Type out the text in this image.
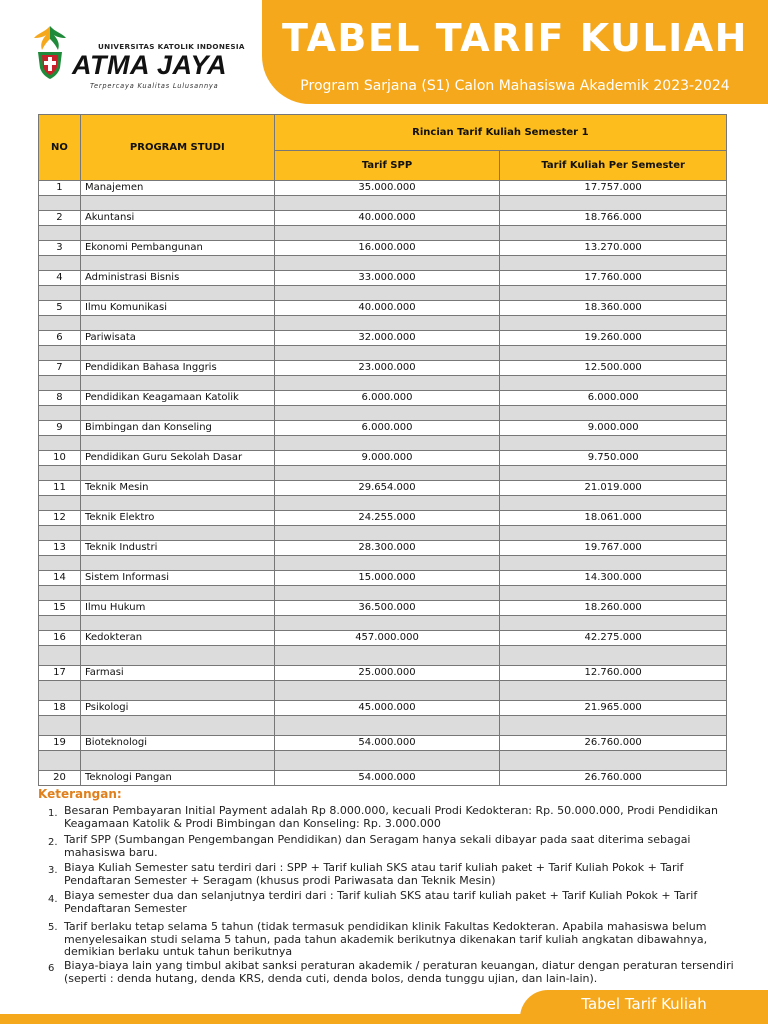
TABEL TARIF KULIAH
Program Sarjana (S1) Calon Mahasiswa Akademik 2023-2024
UNIVERSITAS KATOLIK INDONESIA
ATMA JAYA
Terpercaya Kualitas Lulusannya
NO	PROGRAM STUDI	Rincian Tarif Kuliah Semester 1	
		Tarif SPP	Tarif Kuliah Per Semester
1	Manajemen	35.000.000	17.757.000

2	Akuntansi	40.000.000	18.766.000

3	Ekonomi Pembangunan	16.000.000	13.270.000

4	Administrasi Bisnis	33.000.000	17.760.000

5	Ilmu Komunikasi	40.000.000	18.360.000

6	Pariwisata	32.000.000	19.260.000

7	Pendidikan Bahasa Inggris	23.000.000	12.500.000

8	Pendidikan Keagamaan Katolik	6.000.000	6.000.000

9	Bimbingan dan Konseling	6.000.000	9.000.000

10	Pendidikan Guru Sekolah Dasar	9.000.000	9.750.000

11	Teknik Mesin	29.654.000	21.019.000

12	Teknik Elektro	24.255.000	18.061.000

13	Teknik Industri	28.300.000	19.767.000

14	Sistem Informasi	15.000.000	14.300.000

15	Ilmu Hukum	36.500.000	18.260.000

16	Kedokteran	457.000.000	42.275.000

17	Farmasi	25.000.000	12.760.000

18	Psikologi	45.000.000	21.965.000

19	Bioteknologi	54.000.000	26.760.000

20	Teknologi Pangan	54.000.000	26.760.000
Keterangan:
1. Besaran Pembayaran Initial Payment adalah Rp 8.000.000, kecuali Prodi Kedokteran: Rp. 50.000.000, Prodi Pendidikan Keagamaan Katolik & Prodi Bimbingan dan Konseling: Rp. 3.000.000
2. Tarif SPP (Sumbangan Pengembangan Pendidikan) dan Seragam hanya sekali dibayar pada saat diterima sebagai mahasiswa baru.
3. Biaya Kuliah Semester satu terdiri dari : SPP + Tarif kuliah SKS atau tarif kuliah paket + Tarif Kuliah Pokok + Tarif Pendaftaran Semester + Seragam (khusus prodi Pariwasata dan Teknik Mesin)
4. Biaya semester dua dan selanjutnya terdiri dari : Tarif kuliah SKS atau tarif kuliah paket + Tarif Kuliah Pokok + Tarif Pendaftaran Semester
5. Tarif berlaku tetap selama 5 tahun (tidak termasuk pendidikan klinik Fakultas Kedokteran. Apabila mahasiswa belum menyelesaikan studi selama 5 tahun, pada tahun akademik berikutnya dikenakan tarif kuliah angkatan dibawahnya, demikian berlaku untuk tahun berikutnya
6 Biaya-biaya lain yang timbul akibat sanksi peraturan akademik / peraturan keuangan, diatur dengan peraturan tersendiri (seperti : denda hutang, denda KRS, denda cuti, denda bolos, denda tunggu ujian, dan lain-lain).
Tabel Tarif Kuliah
